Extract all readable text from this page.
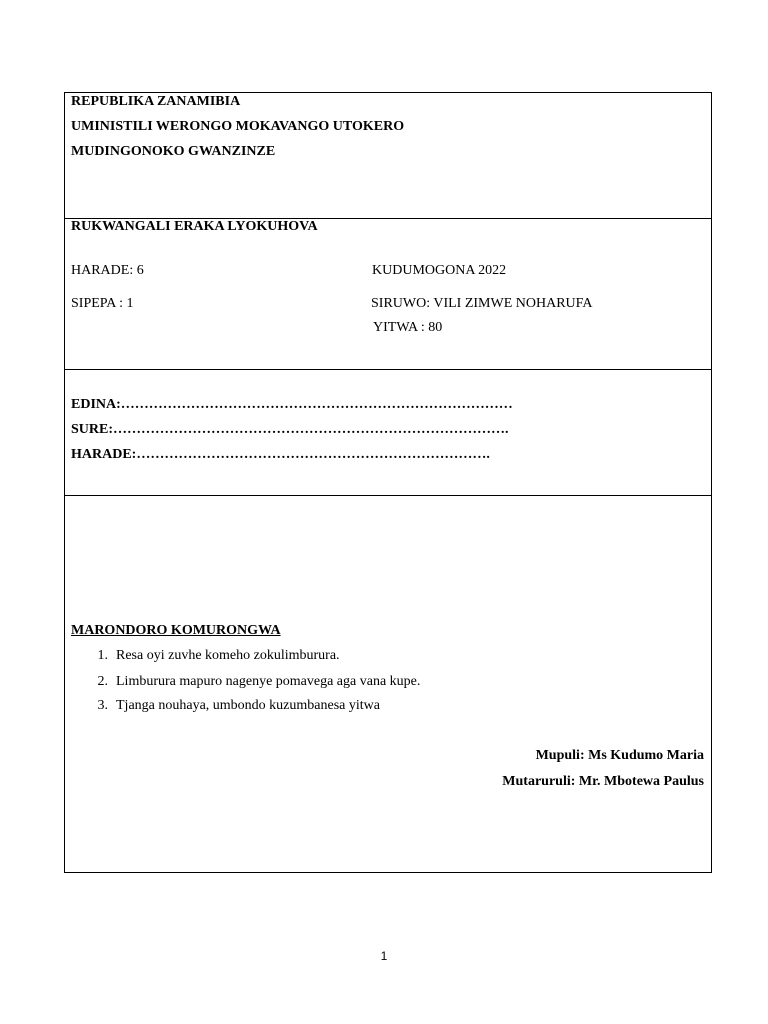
REPUBLIKA ZANAMIBIA
UMINISTILI WERONGO MOKAVANGO UTOKERO
MUDINGONOKO GWANZINZE
RUKWANGALI ERAKA LYOKUHOVA
HARADE: 6
SIPEPA : 1
KUDUMOGONA 2022
SIRUWO: VILI ZIMWE NOHARUFA
YITWA : 80
EDINA:…………………………………………………………………………
SURE:………………………………………………………………………….
HARADE:………………………………………………………………….
MARONDORO KOMURONGWA
1. Resa oyi zuvhe komeho zokulimburura.
2. Limburura mapuro nagenye pomavega aga vana kupe.
3. Tjanga nouhaya, umbondo kuzumbanesa yitwa
Mupuli: Ms Kudumo Maria
Mutaruruli: Mr. Mbotewa Paulus
1
